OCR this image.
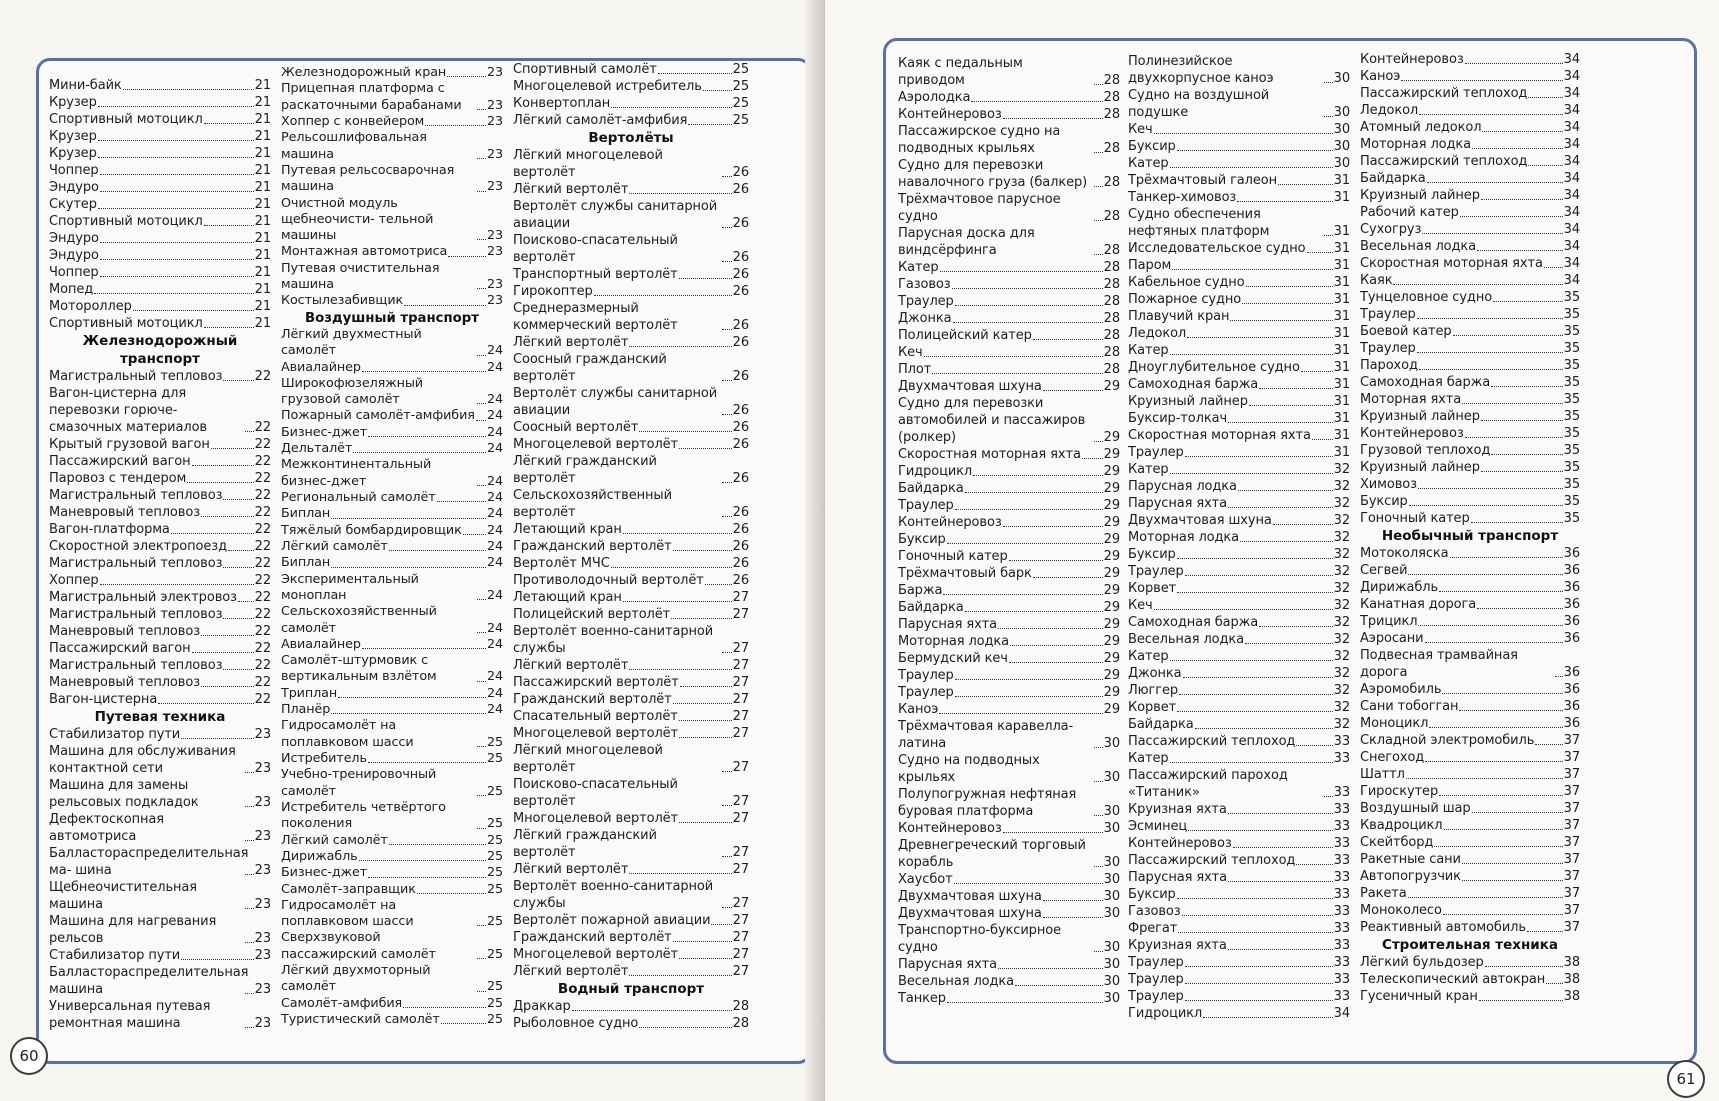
Мини-байк	21
Крузер	21
Спортивный мотоцикл	21
Крузер	21
Крузер	21
Чоппер	21
Эндуро	21
Скутер	21
Спортивный мотоцикл	21
Эндуро	21
Эндуро	21
Чоппер	21
Мопед	21
Мотороллер	21
Спортивный мотоцикл	21
Железнодорожный транспорт
Магистральный тепловоз 22
Вагон-цистерна для перевозки горюче-смазочных материалов	22
Крытый грузовой вагон	22
Пассажирский вагон	22
Паровоз с тендером	22
Магистральный тепловоз 22
Маневровый тепловоз	22
Вагон-платформа	22
Скоростной электропоезд 22
Магистральный тепловоз 22
Хоппер	22
Магистральный электровоз 22
Магистральный тепловоз 22
Маневровый тепловоз	22
Пассажирский вагон	22
Магистральный тепловоз 22
Маневровый тепловоз	22
Вагон-цистерна	22
Путевая техника
Стабилизатор пути	23
Машина для обслуживания контактной сети	23
Машина для замены рельсовых подкладок	23
Дефектоскопная автомотриса	23
Балластораспределительная ма- шина	23
Щебнеочистительная машина	23
Машина для нагревания рельсов	23
Стабилизатор пути	23
Балластораспределительная машина	23
Универсальная путевая ремонтная машина	23
Железнодорожный кран	23
Прицепная платформа с раскаточными барабанами	23
Хоппер с конвейером	23
Рельсошлифовальная машина	23
Путевая рельсосварочная машина	23
Очистной модуль щебнеочисти- тельной машины	23
Монтажная автомотриса	23
Путевая очистительная машина	23
Костылезабивщик	23
Воздушный транспорт
Лёгкий двухместный самолёт	24
Авиалайнер	24
Широкофюзеляжный грузовой самолёт	24
Пожарный самолёт-амфибия 24
Бизнес-джет	24
Дельталёт	24
Межконтинентальный бизнес-джет	24
Региональный самолёт	24
Биплан	24
Тяжёлый бомбардировщик 24
Лёгкий самолёт	24
Биплан	24
Экспериментальный моноплан	24
Сельскохозяйственный самолёт	24
Авиалайнер	24
Самолёт-штурмовик с вертикальным взлётом	24
Триплан	24
Планёр	24
Гидросамолёт на поплавковом шасси	25
Истребитель	25
Учебно-тренировочный самолёт	25
Истребитель четвёртого поколения	25
Лёгкий самолёт	25
Дирижабль	25
Бизнес-джет	25
Самолёт-заправщик	25
Гидросамолёт на поплавковом шасси	25
Сверхзвуковой пассажирский самолёт	25
Лёгкий двухмоторный самолёт	25
Самолёт-амфибия	25
Туристический самолёт	25
Спортивный самолёт	25
Многоцелевой истребитель 25
Конвертоплан	25
Лёгкий самолёт-амфибия	25
Вертолёты
Лёгкий многоцелевой вертолёт	26
Лёгкий вертолёт	26
Вертолёт службы санитарной авиации	26
Поисково-спасательный вертолёт	26
Транспортный вертолёт	26
Гирокоптер	26
Среднеразмерный коммерческий вертолёт	26
Лёгкий вертолёт	26
Соосный гражданский вертолёт	26
Вертолёт службы санитарной авиации	26
Соосный вертолёт	26
Многоцелевой вертолёт	26
Лёгкий гражданский вертолёт	26
Сельскохозяйственный вертолёт	26
Летающий кран	26
Гражданский вертолёт	26
Вертолёт МЧС	26
Противолодочный вертолёт 26
Летающий кран	27
Полицейский вертолёт	27
Вертолёт военно-санитарной службы	27
Лёгкий вертолёт	27
Пассажирский вертолёт	27
Гражданский вертолёт	27
Спасательный вертолёт	27
Многоцелевой вертолёт	27
Лёгкий многоцелевой вертолёт	27
Поисково-спасательный вертолёт	27
Многоцелевой вертолёт	27
Лёгкий гражданский вертолёт	27
Лёгкий вертолёт	27
Вертолёт военно-санитарной службы	27
Вертолёт пожарной авиации 27
Гражданский вертолёт	27
Многоцелевой вертолёт	27
Лёгкий вертолёт	27
Водный транспорт
Драккар	28
Рыболовное судно	28
60
Каяк с педальным приводом	28
Аэролодка	28
Контейнеровоз	28
Пассажирское судно на подводных крыльях	28
Судно для перевозки навалочного груза (балкер)	28
Трёхмачтовое парусное судно	28
Парусная доска для виндсёрфинга	28
Катер	28
Газовоз	28
Траулер	28
Джонка	28
Полицейский катер	28
Кеч	28
Плот	28
Двухмачтовая шхуна	29
Судно для перевозки автомобилей и пассажиров (ролкер)	29
Скоростная моторная яхта 29
Гидроцикл	29
Байдарка	29
Траулер	29
Контейнеровоз	29
Буксир	29
Гоночный катер	29
Трёхмачтовый барк	29
Баржа	29
Байдарка	29
Парусная яхта	29
Моторная лодка	29
Бермудский кеч	29
Траулер	29
Траулер	29
Каноэ	29
Трёхмачтовая каравелла-латина	30
Судно на подводных крыльях	30
Полупогружная нефтяная буровая платформа	30
Контейнеровоз	30
Древнегреческий торговый корабль	30
Хаусбот	30
Двухмачтовая шхуна	30
Двухмачтовая шхуна	30
Транспортно-буксирное судно	30
Парусная яхта	30
Весельная лодка	30
Танкер	30
Полинезийское двухкорпусное каноэ	30
Судно на воздушной подушке	30
Кеч	30
Буксир	30
Катер	30
Трёхмачтовый галеон	31
Танкер-химовоз	31
Судно обеспечения нефтяных платформ	31
Исследовательское судно 31
Паром	31
Кабельное судно	31
Пожарное судно	31
Плавучий кран	31
Ледокол	31
Катер	31
Дноуглубительное судно	31
Самоходная баржа	31
Круизный лайнер	31
Буксир-толкач	31
Скоростная моторная яхта 31
Траулер	31
Катер	32
Парусная лодка	32
Парусная яхта	32
Двухмачтовая шхуна	32
Моторная лодка	32
Буксир	32
Траулер	32
Корвет	32
Кеч	32
Самоходная баржа	32
Весельная лодка	32
Катер	32
Джонка	32
Люггер	32
Корвет	32
Байдарка	32
Пассажирский теплоход	33
Катер	33
Пассажирский пароход «Титаник»	33
Круизная яхта	33
Эсминец	33
Контейнеровоз	33
Пассажирский теплоход	33
Парусная яхта	33
Буксир	33
Газовоз	33
Фрегат	33
Круизная яхта	33
Траулер	33
Траулер	33
Траулер	33
Гидроцикл	34
Контейнеровоз	34
Каноэ	34
Пассажирский теплоход	34
Ледокол	34
Атомный ледокол	34
Моторная лодка	34
Пассажирский теплоход	34
Байдарка	34
Круизный лайнер	34
Рабочий катер	34
Сухогруз	34
Весельная лодка	34
Скоростная моторная яхта 34
Каяк	34
Тунцеловное судно	35
Траулер	35
Боевой катер	35
Траулер	35
Пароход	35
Самоходная баржа	35
Моторная яхта	35
Круизный лайнер	35
Контейнеровоз	35
Грузовой теплоход	35
Круизный лайнер	35
Химовоз	35
Буксир	35
Гоночный катер	35
Необычный транспорт
Мотоколяска	36
Сегвей	36
Дирижабль	36
Канатная дорога	36
Трицикл	36
Аэросани	36
Подвесная трамвайная дорога	36
Аэромобиль	36
Сани тобогган	36
Моноцикл	36
Складной электромобиль 37
Снегоход	37
Шаттл	37
Гироскутер	37
Воздушный шар	37
Квадроцикл	37
Скейтборд	37
Ракетные сани	37
Автопогрузчик	37
Ракета	37
Моноколесо	37
Реактивный автомобиль	37
Строительная техника
Лёгкий бульдозер	38
Телескопический автокран 38
Гусеничный кран	38
61
